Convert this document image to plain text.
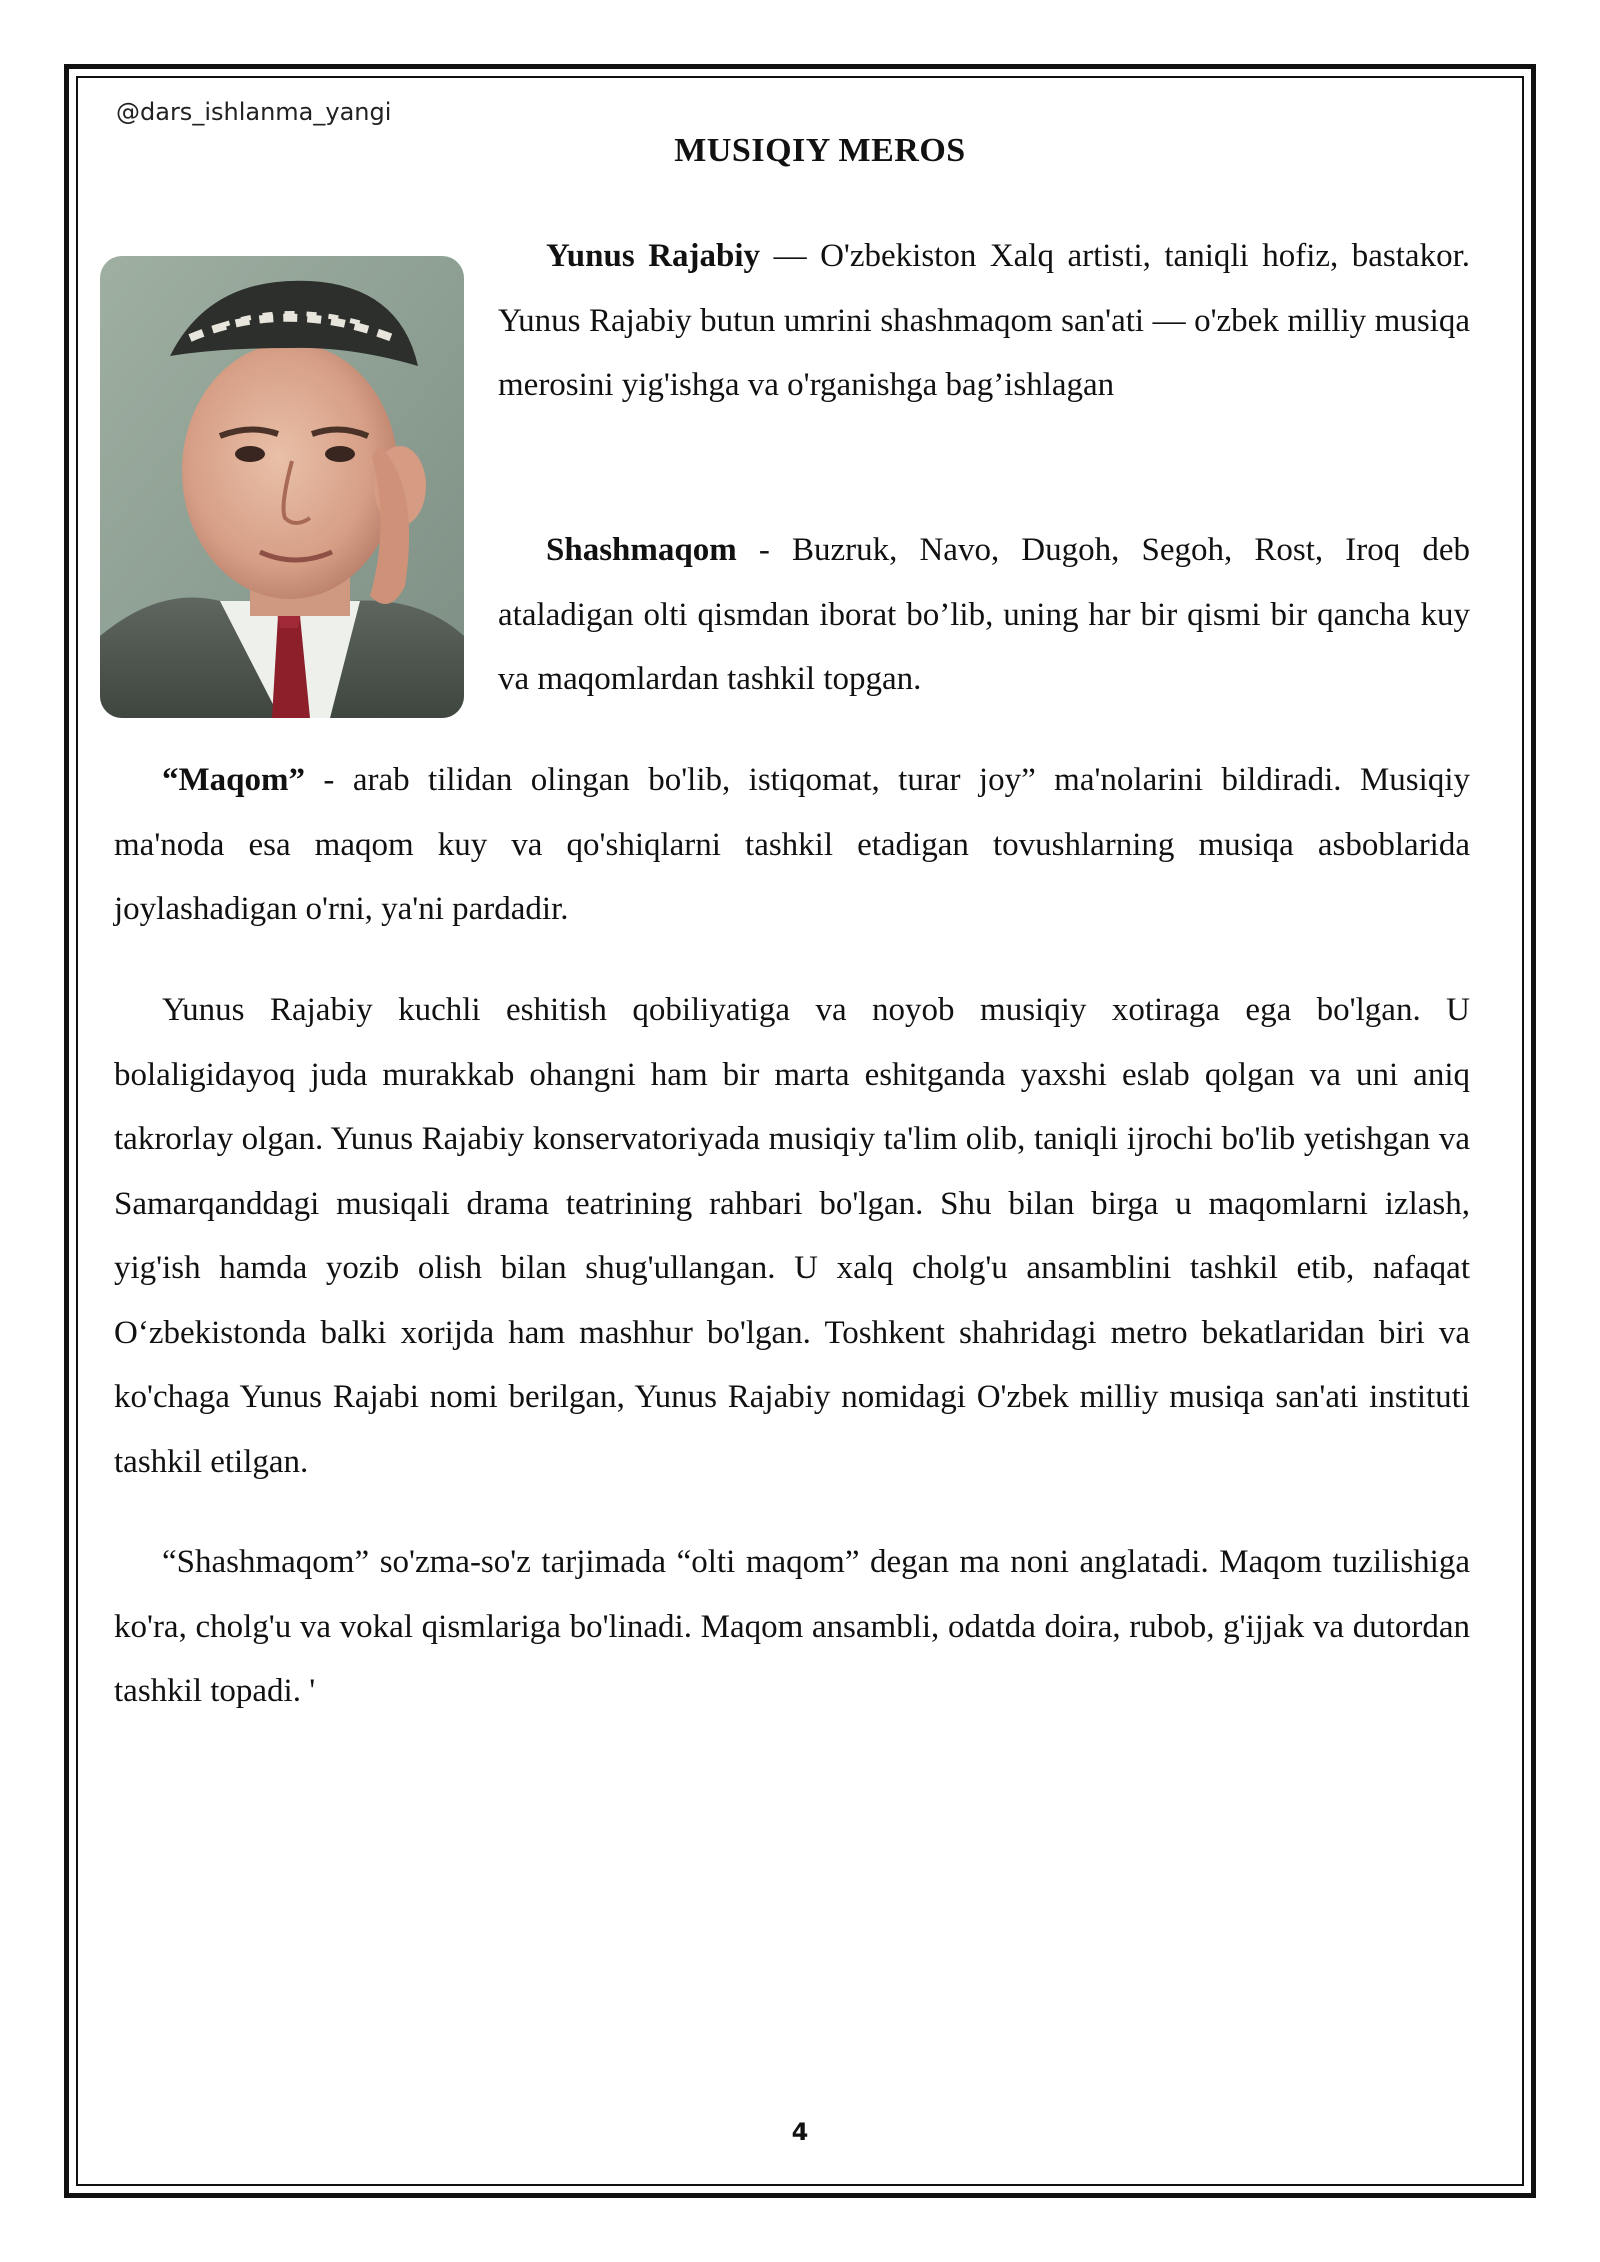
@dars_ishlanma_yangi
MUSIQIY MEROS

Yunus Rajabiy — O'zbekiston Xalq artisti, taniqli hofiz, bastakor. Yunus Rajabiy butun umrini shashmaqom san'ati — o'zbek milliy musiqa merosini yig'ishga va o'rganishga bag’ishlagan

Shashmaqom - Buzruk, Navo, Dugoh, Segoh, Rost, Iroq deb ataladigan olti qismdan iborat bo’lib, uning har bir qismi bir qancha kuy va maqomlardan tashkil topgan.

“Maqom” - arab tilidan olingan bo'lib, istiqomat, turar joy” ma'nolarini bildiradi. Musiqiy ma'noda esa maqom kuy va qo'shiqlarni tashkil etadigan tovushlarning musiqa asboblarida joylashadigan o'rni, ya'ni pardadir.

Yunus Rajabiy kuchli eshitish qobiliyatiga va noyob musiqiy xotiraga ega bo'lgan. U bolaligidayoq juda murakkab ohangni ham bir marta eshitganda yaxshi eslab qolgan va uni aniq takrorlay olgan. Yunus Rajabiy konservatoriyada musiqiy ta'lim olib, taniqli ijrochi bo'lib yetishgan va Samarqanddagi musiqali drama teatrining rahbari bo'lgan. Shu bilan birga u maqomlarni izlash, yig'ish hamda yozib olish bilan shug'ullangan. U xalq cholg'u ansamblini tashkil etib, nafaqat O‘zbekistonda balki xorijda ham mashhur bo'lgan. Toshkent shahridagi metro bekatlaridan biri va ko'chaga Yunus Rajabi nomi berilgan, Yunus Rajabiy nomidagi O'zbek milliy musiqa san'ati instituti tashkil etilgan.

“Shashmaqom” so'zma-so'z tarjimada “olti maqom” degan ma noni anglatadi. Maqom tuzilishiga ko'ra, cholg'u va vokal qismlariga bo'linadi. Maqom ansambli, odatda doira, rubob, g'ijjak va dutordan tashkil topadi. '

4
